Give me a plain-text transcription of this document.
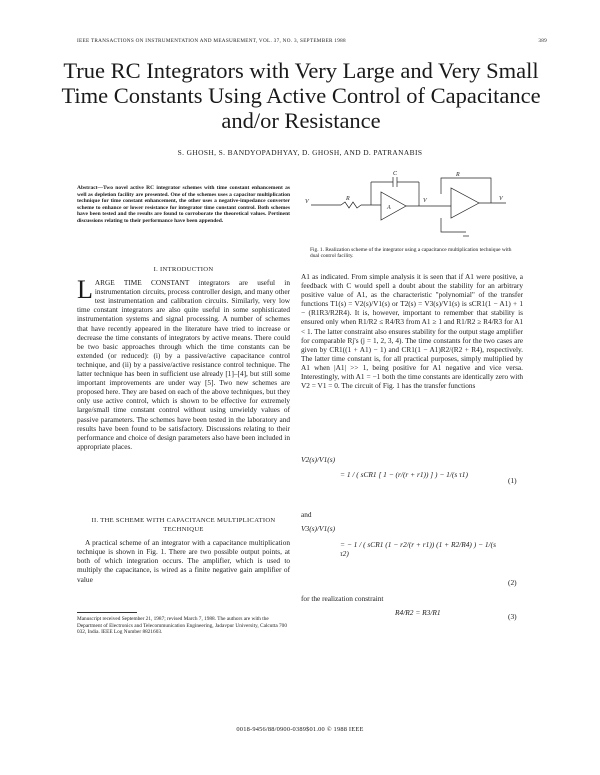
IEEE TRANSACTIONS ON INSTRUMENTATION AND MEASUREMENT, VOL. 37, NO. 3, SEPTEMBER 1988	389
True RC Integrators with Very Large and Very Small Time Constants Using Active Control of Capacitance and/or Resistance
S. GHOSH, S. BANDYOPADHYAY, D. GHOSH, AND D. PATRANABIS
Abstract—Two novel active RC integrator schemes with time constant enhancement as well as depletion facility are presented. One of the schemes uses a capacitor multiplication technique for time constant enhancement, the other uses a negative-impedance converter scheme to enhance or lower resistance for integrator time constant control. Both schemes have been tested and the results are found to corroborate the theoretical values. Pertinent discussions relating to their performance have been appended.
I. INTRODUCTION

LARGE TIME CONSTANT integrators are useful in instrumentation circuits, process controller design, and many other test instrumentation and calibration circuits. Similarly, very low time constant integrators are also quite useful in some sophisticated instrumentation systems and signal processing. A number of schemes that have recently appeared in the literature have tried to increase or decrease the time constants of integrators by active means. There could be two basic approaches through which the time constants can be extended (or reduced): (i) by a passive/active capacitance control technique, and (ii) by a passive/active resistance control technique. The latter technique has been in sufficient use already [1]–[4], but still some important improvements are under way [5]. Two new schemes are proposed here. They are based on each of the above techniques, but they only use active control, which is shown to be effective for extremely large/small time constant control without using unwieldy values of passive parameters. The schemes have been tested in the laboratory and results have been found to be satisfactory. Discussions relating to their performance and choice of design parameters also have been included in appropriate places.

II. THE SCHEME WITH CAPACITANCE MULTIPLICATION TECHNIQUE

A practical scheme of an integrator with a capacitance multiplication technique is shown in Fig. 1. There are two possible output points, at both of which integration occurs. The amplifier, which is used to multiply the capacitance, is wired as a finite negative gain amplifier of value

Manuscript received September 21, 1987; revised March 7, 1988. The authors are with the Department of Electronics and Telecommunication Engineering, Jadavpur University, Calcutta 700 032, India. IEEE Log Number 8821603.
V	R
A
C
V
R
V
Fig. 1. Realization scheme of the integrator using a capacitance multiplication technique with dual control facility.

A1 as indicated. From simple analysis it is seen that if A1 were positive, a feedback with C would spell a doubt about the stability for an arbitrary positive value of A1, as the characteristic "polynomial" of the transfer functions T1(s) = V2(s)/V1(s) or T2(s) = V3(s)/V1(s) is sCR1(1 − A1) + 1 − (R1R3/R2R4). It is, however, important to remember that stability is ensured only when R1/R2 ≤ R4/R3 from A1 ≥ 1 and R1/R2 ≥ R4/R3 for A1 < 1. The latter constraint also ensures stability for the output stage amplifier for comparable Rj's (j = 1, 2, 3, 4). The time constants for the two cases are given by CR1((1 + A1) − 1) and CR1(1 − A1)R2/(R2 + R4), respectively. The latter time constant is, for all practical purposes, simply multiplied by A1 when |A1| >> 1, being positive for A1 negative and vice versa. Interestingly, with A1 = −1 both the time constants are identically zero with V2 = V1 = 0. The circuit of Fig. 1 has the transfer functions

V2(s)/V1(s)
= 1 / ( sCR1 [ 1 − (r/(r + r1)) ] ) − 1/(s τ1)
(1)
and
V3(s)/V1(s)
= − 1 / ( sCR1 (1 − r2/(r + r1)) (1 + R2/R4) ) − 1/(s τ2)
(2)
for the realization constraint
R4/R2 = R3/R1	(3)
0018-9456/88/0900-0389$01.00 © 1988 IEEE
